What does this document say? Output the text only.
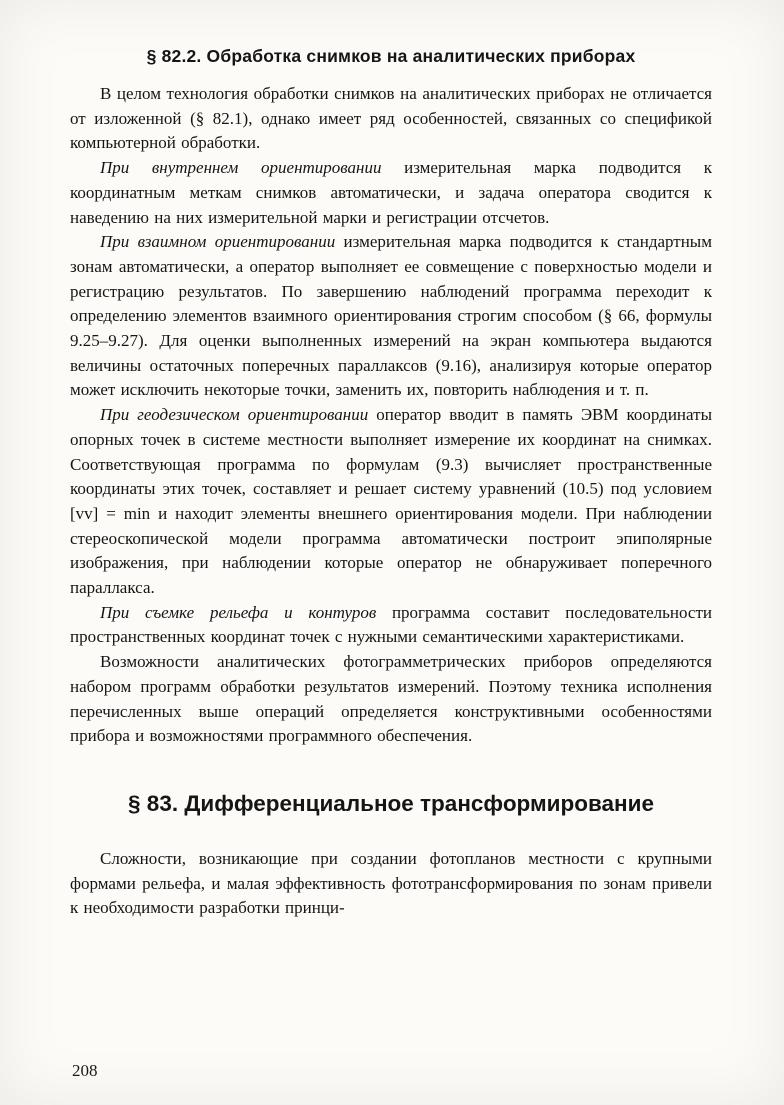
§ 82.2. Обработка снимков на аналитических приборах

В целом технология обработки снимков на аналитических приборах не отличается от изложенной (§ 82.1), однако имеет ряд особенностей, связанных со спецификой компьютерной обработки.

При внутреннем ориентировании измерительная марка подводится к координатным меткам снимков автоматически, и задача оператора сводится к наведению на них измерительной марки и регистрации отсчетов.

При взаимном ориентировании измерительная марка подводится к стандартным зонам автоматически, а оператор выполняет ее совмещение с поверхностью модели и регистрацию результатов. По завершению наблюдений программа переходит к определению элементов взаимного ориентирования строгим способом (§ 66, формулы 9.25–9.27). Для оценки выполненных измерений на экран компьютера выдаются величины остаточных поперечных параллаксов (9.16), анализируя которые оператор может исключить некоторые точки, заменить их, повторить наблюдения и т. п.

При геодезическом ориентировании оператор вводит в память ЭВМ координаты опорных точек в системе местности выполняет измерение их координат на снимках. Соответствующая программа по формулам (9.3) вычисляет пространственные координаты этих точек, составляет и решает систему уравнений (10.5) под условием [vv] = min и находит элементы внешнего ориентирования модели. При наблюдении стереоскопической модели программа автоматически построит эпиполярные изображения, при наблюдении которые оператор не обнаруживает поперечного параллакса.

При съемке рельефа и контуров программа составит последовательности пространственных координат точек с нужными семантическими характеристиками.

Возможности аналитических фотограмметрических приборов определяются набором программ обработки результатов измерений. Поэтому техника исполнения перечисленных выше операций определяется конструктивными особенностями прибора и возможностями программного обеспечения.

§ 83. Дифференциальное трансформирование

Сложности, возникающие при создании фотопланов местности с крупными формами рельефа, и малая эффективность фототрансформирования по зонам привели к необходимости разработки принци-

208
